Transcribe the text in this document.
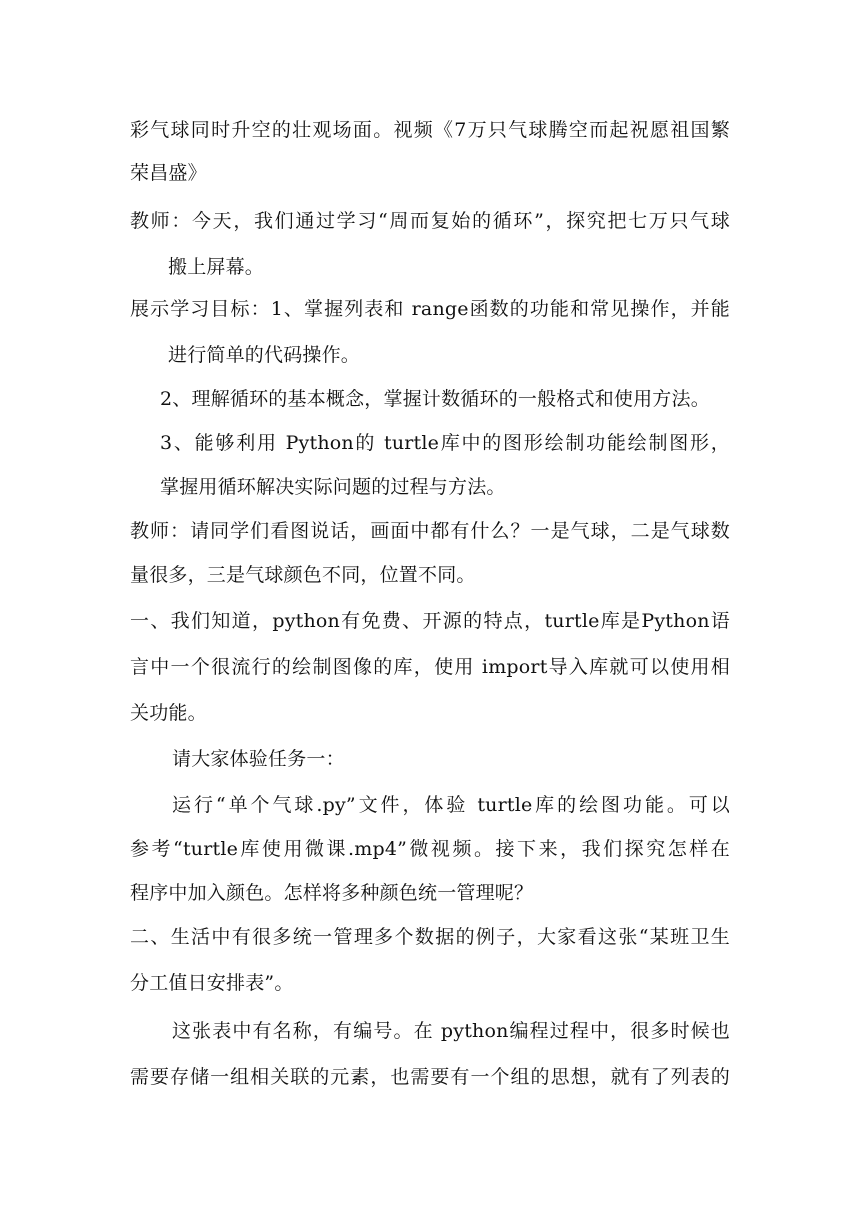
彩气球同时升空的壮观场面。视频《7万只气球腾空而起祝愿祖国繁
荣昌盛》
教师：今天，我们通过学习“周而复始的循环”，探究把七万只气球
搬上屏幕。
展示学习目标：1、掌握列表和 range函数的功能和常见操作，并能
进行简单的代码操作。
2、理解循环的基本概念，掌握计数循环的一般格式和使用方法。
3、能够利用 Python的 turtle库中的图形绘制功能绘制图形，
掌握用循环解决实际问题的过程与方法。
教师：请同学们看图说话，画面中都有什么？一是气球，二是气球数
量很多，三是气球颜色不同，位置不同。
一、我们知道，python有免费、开源的特点，turtle库是Python语
言中一个很流行的绘制图像的库，使用 import导入库就可以使用相
关功能。
请大家体验任务一：
运行“单个气球.py”文件，体验 turtle库的绘图功能。可以
参考“turtle库使用微课.mp4”微视频。接下来，我们探究怎样在
程序中加入颜色。怎样将多种颜色统一管理呢？
二、生活中有很多统一管理多个数据的例子，大家看这张“某班卫生
分工值日安排表”。
这张表中有名称，有编号。在 python编程过程中，很多时候也
需要存储一组相关联的元素，也需要有一个组的思想，就有了列表的
